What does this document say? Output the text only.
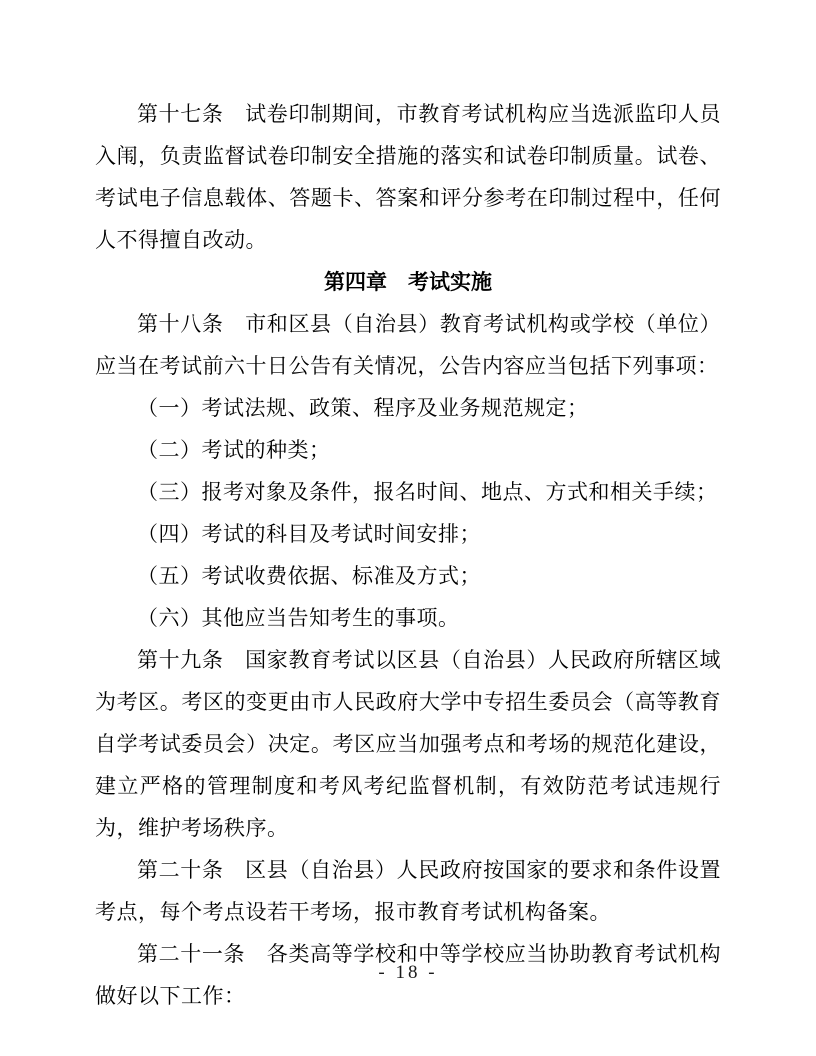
第十七条　试卷印制期间，市教育考试机构应当选派监印人员入闱，负责监督试卷印制安全措施的落实和试卷印制质量。试卷、考试电子信息载体、答题卡、答案和评分参考在印制过程中，任何人不得擅自改动。

第四章　考试实施

第十八条　市和区县（自治县）教育考试机构或学校（单位）应当在考试前六十日公告有关情况，公告内容应当包括下列事项：

（一）考试法规、政策、程序及业务规范规定；

（二）考试的种类；

（三）报考对象及条件，报名时间、地点、方式和相关手续；

（四）考试的科目及考试时间安排；

（五）考试收费依据、标准及方式；

（六）其他应当告知考生的事项。

第十九条　国家教育考试以区县（自治县）人民政府所辖区域为考区。考区的变更由市人民政府大学中专招生委员会（高等教育自学考试委员会）决定。考区应当加强考点和考场的规范化建设，建立严格的管理制度和考风考纪监督机制，有效防范考试违规行为，维护考场秩序。

第二十条　区县（自治县）人民政府按国家的要求和条件设置考点，每个考点设若干考场，报市教育考试机构备案。

第二十一条　各类高等学校和中等学校应当协助教育考试机构做好以下工作：

- 18 -
